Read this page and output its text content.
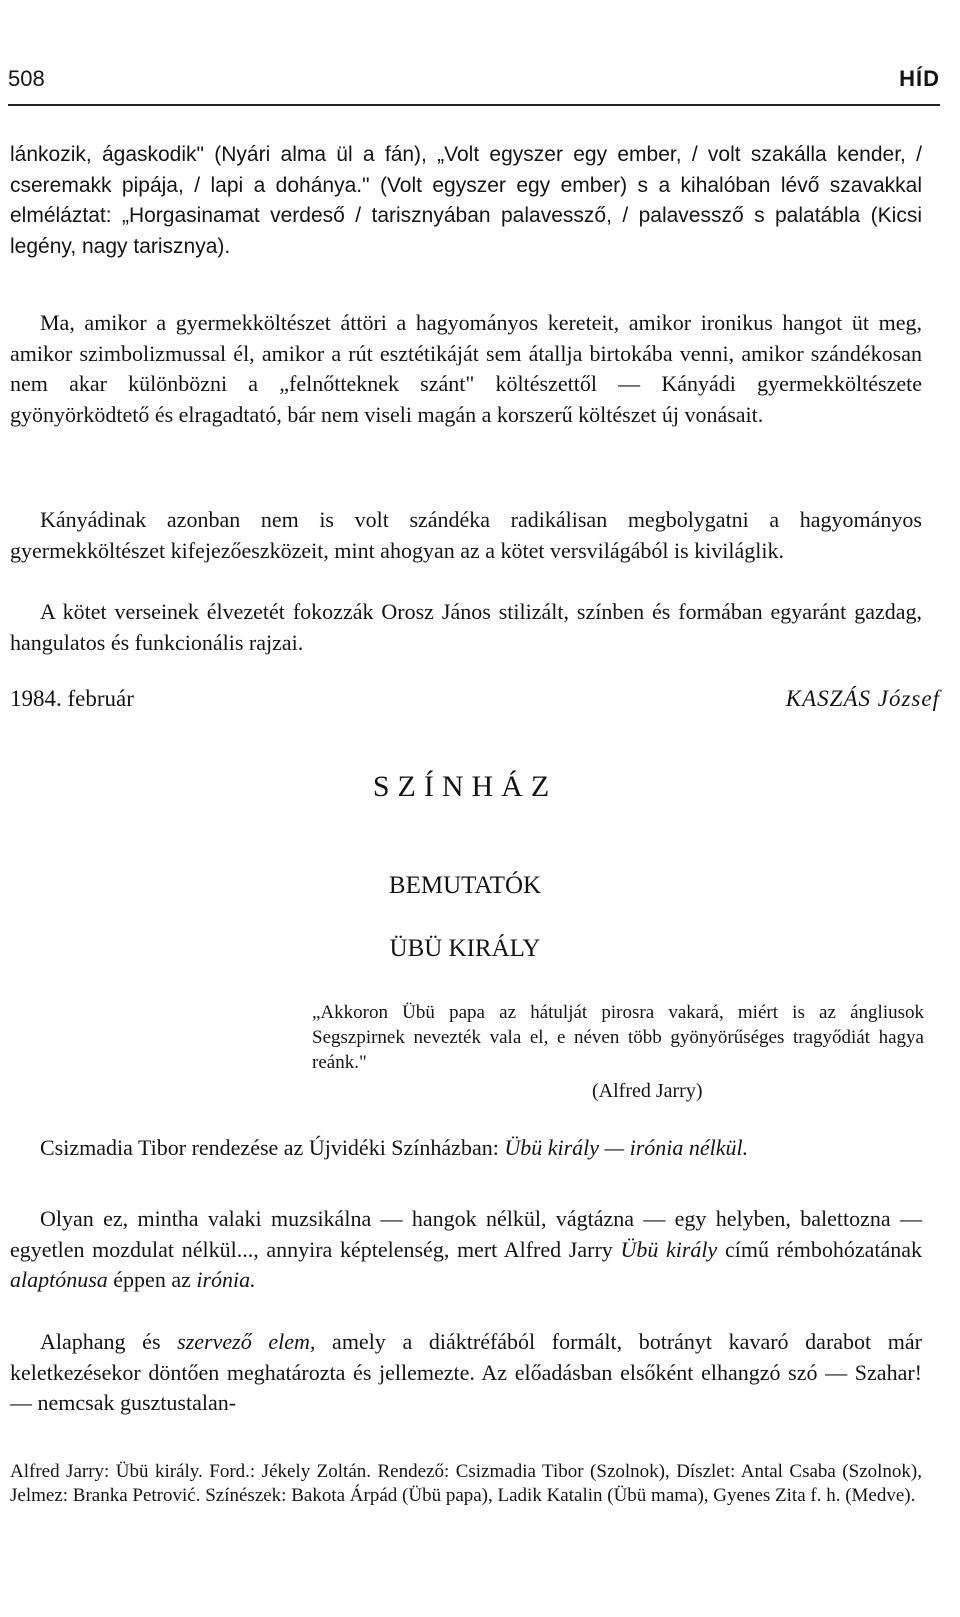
508	HÍD

lánkozik, ágaskodik" (Nyári alma ül a fán), „Volt egyszer egy ember, / volt szakálla kender, / cseremakk pipája, / lapi a dohánya." (Volt egyszer egy ember) s a kihalóban lévő szavakkal elméláztat: „Horgasinamat verdeső / tarisznyában palavessző, / palavessző s palatábla (Kicsi legény, nagy tarisznya).

Ma, amikor a gyermekköltészet áttöri a hagyományos kereteit, amikor ironikus hangot üt meg, amikor szimbolizmussal él, amikor a rút esztétikáját sem átallja birtokába venni, amikor szándékosan nem akar különbözni a „felnőtteknek szánt" költészettől — Kányádi gyermekköltészete gyönyörködtető és elragadtató, bár nem viseli magán a korszerű költészet új vonásait.

Kányádinak azonban nem is volt szándéka radikálisan megbolygatni a hagyományos gyermekköltészet kifejezőeszközeit, mint ahogyan az a kötet versvilágából is kiviláglik.

A kötet verseinek élvezetét fokozzák Orosz János stilizált, színben és formában egyaránt gazdag, hangulatos és funkcionális rajzai.

1984. február	KASZÁS József
SZÍNHÁZ
BEMUTATÓK
ÜBÜ KIRÁLY

„Akkoron Übü papa az hátulját pirosra vakará, miért is az ángliusok Segszpirnek nevezték vala el, e néven több gyönyörűséges tragyődiát hagya reánk."

(Alfred Jarry)

Csizmadia Tibor rendezése az Újvidéki Színházban: Übü király — irónia nélkül.

Olyan ez, mintha valaki muzsikálna — hangok nélkül, vágtázna — egy helyben, balettozna — egyetlen mozdulat nélkül..., annyira képtelenség, mert Alfred Jarry Übü király című rémbohózatának alaptónusa éppen az irónia.

Alaphang és szervező elem, amely a diáktréfából formált, botrányt kavaró darabot már keletkezésekor döntően meghatározta és jellemezte. Az előadásban elsőként elhangzó szó — Szahar! — nemcsak gusztustalan-

Alfred Jarry: Übü király. Ford.: Jékely Zoltán. Rendező: Csizmadia Tibor (Szolnok), Díszlet: Antal Csaba (Szolnok), Jelmez: Branka Petrović. Színészek: Bakota Árpád (Übü papa), Ladik Katalin (Übü mama), Gyenes Zita f. h. (Medve).
